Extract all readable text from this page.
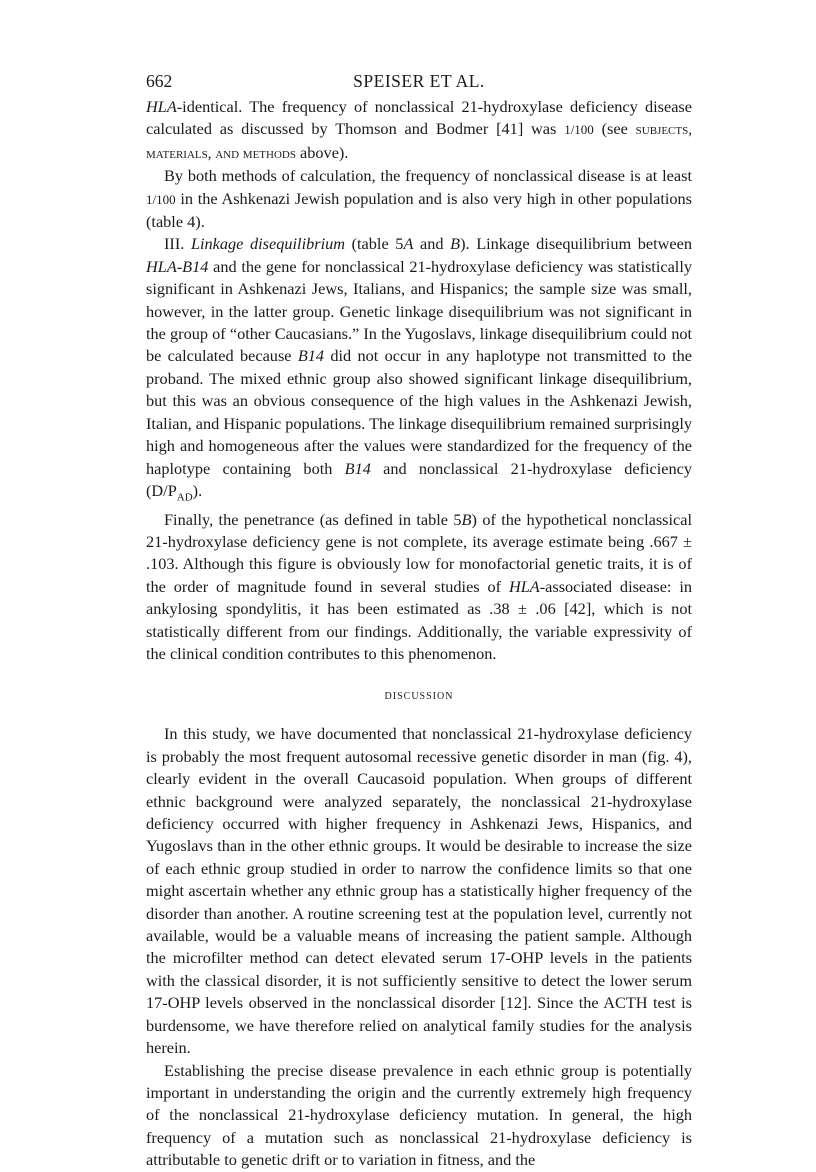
662	SPEISER ET AL.

HLA-identical. The frequency of nonclassical 21-hydroxylase deficiency disease calculated as discussed by Thomson and Bodmer [41] was 1/100 (see subjects, materials, and methods above).

By both methods of calculation, the frequency of nonclassical disease is at least 1/100 in the Ashkenazi Jewish population and is also very high in other populations (table 4).

III. Linkage disequilibrium (table 5A and B). Linkage disequilibrium between HLA-B14 and the gene for nonclassical 21-hydroxylase deficiency was statistically significant in Ashkenazi Jews, Italians, and Hispanics; the sample size was small, however, in the latter group. Genetic linkage disequilibrium was not significant in the group of “other Caucasians.” In the Yugoslavs, linkage disequilibrium could not be calculated because B14 did not occur in any haplotype not transmitted to the proband. The mixed ethnic group also showed significant linkage disequilibrium, but this was an obvious consequence of the high values in the Ashkenazi Jewish, Italian, and Hispanic populations. The linkage disequilibrium remained surprisingly high and homogeneous after the values were standardized for the frequency of the haplotype containing both B14 and nonclassical 21-hydroxylase deficiency $(D/P_{AD})$.

Finally, the penetrance (as defined in table 5B) of the hypothetical nonclassical 21-hydroxylase deficiency gene is not complete, its average estimate being .667 ± .103. Although this figure is obviously low for monofactorial genetic traits, it is of the order of magnitude found in several studies of HLA-associated disease: in ankylosing spondylitis, it has been estimated as .38 ± .06 [42], which is not statistically different from our findings. Additionally, the variable expressivity of the clinical condition contributes to this phenomenon.

discussion

In this study, we have documented that nonclassical 21-hydroxylase deficiency is probably the most frequent autosomal recessive genetic disorder in man (fig. 4), clearly evident in the overall Caucasoid population. When groups of different ethnic background were analyzed separately, the nonclassical 21-hydroxylase deficiency occurred with higher frequency in Ashkenazi Jews, Hispanics, and Yugoslavs than in the other ethnic groups. It would be desirable to increase the size of each ethnic group studied in order to narrow the confidence limits so that one might ascertain whether any ethnic group has a statistically higher frequency of the disorder than another. A routine screening test at the population level, currently not available, would be a valuable means of increasing the patient sample. Although the microfilter method can detect elevated serum 17-OHP levels in the patients with the classical disorder, it is not sufficiently sensitive to detect the lower serum 17-OHP levels observed in the nonclassical disorder [12]. Since the ACTH test is burdensome, we have therefore relied on analytical family studies for the analysis herein.

Establishing the precise disease prevalence in each ethnic group is potentially important in understanding the origin and the currently extremely high frequency of the nonclassical 21-hydroxylase deficiency mutation. In general, the high frequency of a mutation such as nonclassical 21-hydroxylase deficiency is attributable to genetic drift or to variation in fitness, and the
